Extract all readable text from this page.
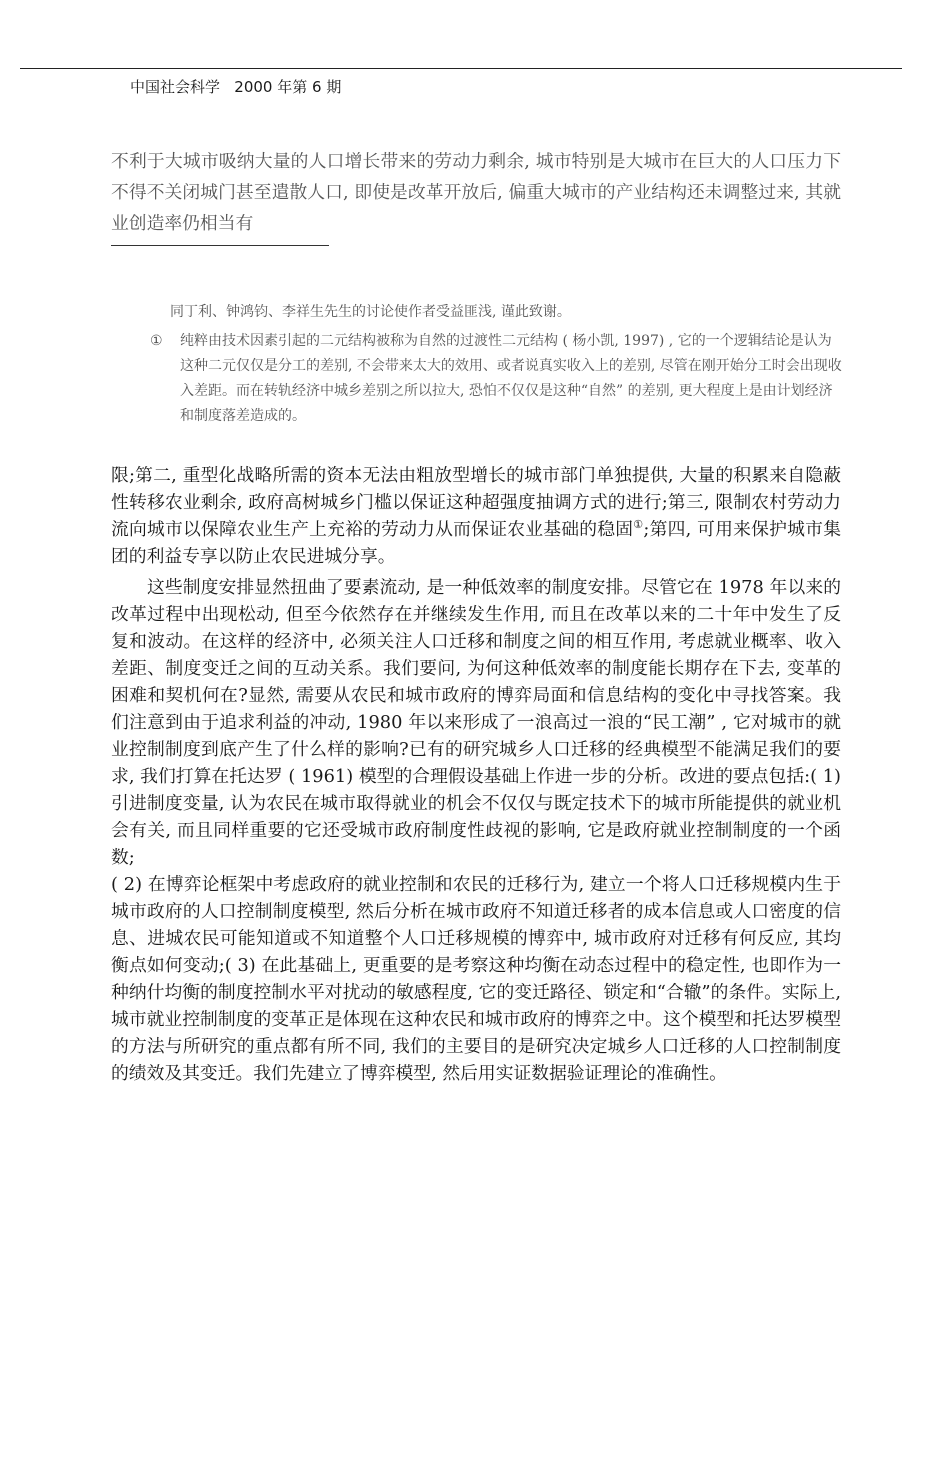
中国社会科学   2000 年第 6 期

不利于大城市吸纳大量的人口增长带来的劳动力剩余, 城市特别是大城市在巨大的人口压力下不得不关闭城门甚至遣散人口, 即使是改革开放后, 偏重大城市的产业结构还未调整过来, 其就业创造率仍相当有

同丁利、钟鸿钧、李祥生先生的讨论使作者受益匪浅, 谨此致谢。

①	纯粹由技术因素引起的二元结构被称为自然的过渡性二元结构 ( 杨小凯, 1997) , 它的一个逻辑结论是认为这种二元仅仅是分工的差别, 不会带来太大的效用、或者说真实收入上的差别, 尽管在刚开始分工时会出现收入差距。而在转轨经济中城乡差别之所以拉大, 恐怕不仅仅是这种“自然” 的差别, 更大程度上是由计划经济和制度落差造成的。

限;第二, 重型化战略所需的资本无法由粗放型增长的城市部门单独提供, 大量的积累来自隐蔽性转移农业剩余, 政府高树城乡门槛以保证这种超强度抽调方式的进行;第三, 限制农村劳动力流向城市以保障农业生产上充裕的劳动力从而保证农业基础的稳固①;第四, 可用来保护城市集团的利益专享以防止农民进城分享。

这些制度安排显然扭曲了要素流动, 是一种低效率的制度安排。尽管它在 1978 年以来的改革过程中出现松动, 但至今依然存在并继续发生作用, 而且在改革以来的二十年中发生了反复和波动。在这样的经济中, 必须关注人口迁移和制度之间的相互作用, 考虑就业概率、收入差距、制度变迁之间的互动关系。我们要问, 为何这种低效率的制度能长期存在下去, 变革的困难和契机何在?显然, 需要从农民和城市政府的博弈局面和信息结构的变化中寻找答案。我们注意到由于追求利益的冲动, 1980 年以来形成了一浪高过一浪的“民工潮” , 它对城市的就业控制制度到底产生了什么样的影响?已有的研究城乡人口迁移的经典模型不能满足我们的要求, 我们打算在托达罗 ( 1961) 模型的合理假设基础上作进一步的分析。改进的要点包括:( 1) 引进制度变量, 认为农民在城市取得就业的机会不仅仅与既定技术下的城市所能提供的就业机会有关, 而且同样重要的它还受城市政府制度性歧视的影响, 它是政府就业控制制度的一个函数;

( 2) 在博弈论框架中考虑政府的就业控制和农民的迁移行为, 建立一个将人口迁移规模内生于城市政府的人口控制制度模型, 然后分析在城市政府不知道迁移者的成本信息或人口密度的信息、进城农民可能知道或不知道整个人口迁移规模的博弈中, 城市政府对迁移有何反应, 其均衡点如何变动;( 3) 在此基础上, 更重要的是考察这种均衡在动态过程中的稳定性, 也即作为一种纳什均衡的制度控制水平对扰动的敏感程度, 它的变迁路径、锁定和“合辙”的条件。实际上, 城市就业控制制度的变革正是体现在这种农民和城市政府的博弈之中。这个模型和托达罗模型的方法与所研究的重点都有所不同, 我们的主要目的是研究决定城乡人口迁移的人口控制制度的绩效及其变迁。我们先建立了博弈模型, 然后用实证数据验证理论的准确性。
